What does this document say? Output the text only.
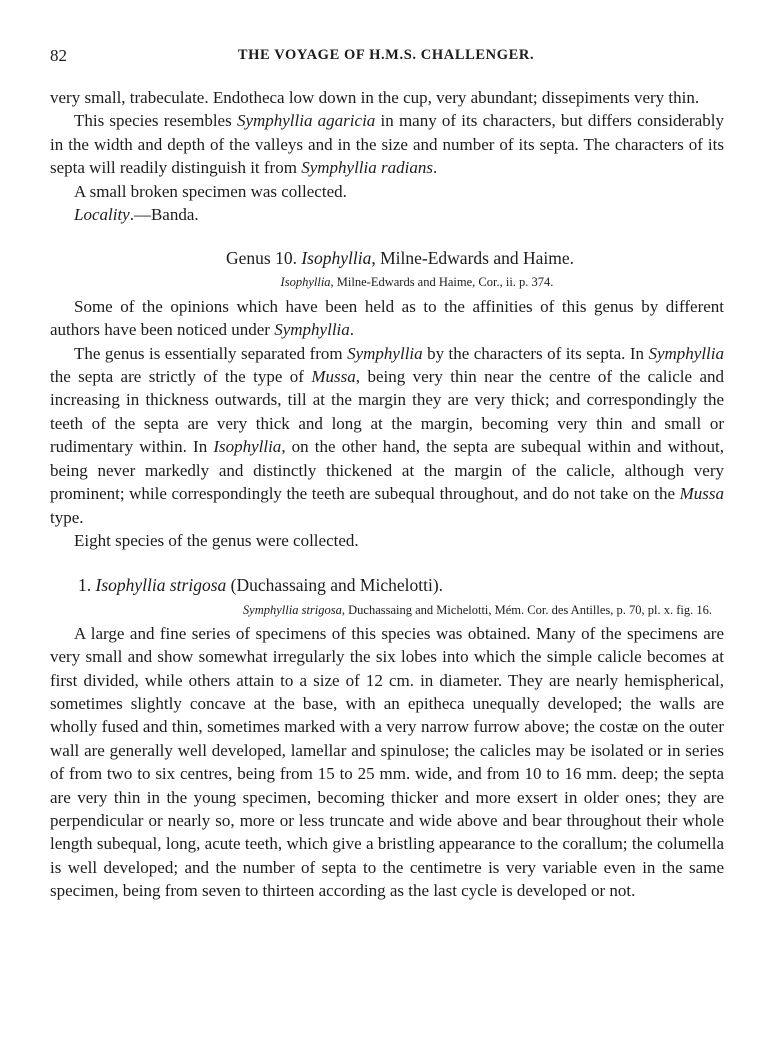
82	THE VOYAGE OF H.M.S. CHALLENGER.

very small, trabeculate. Endotheca low down in the cup, very abundant; dissepiments very thin.

This species resembles Symphyllia agaricia in many of its characters, but differs considerably in the width and depth of the valleys and in the size and number of its septa. The characters of its septa will readily distinguish it from Symphyllia radians.

A small broken specimen was collected.

Locality.—Banda.

Genus 10. Isophyllia, Milne-Edwards and Haime.
Isophyllia, Milne-Edwards and Haime, Cor., ii. p. 374.

Some of the opinions which have been held as to the affinities of this genus by different authors have been noticed under Symphyllia.

The genus is essentially separated from Symphyllia by the characters of its septa. In Symphyllia the septa are strictly of the type of Mussa, being very thin near the centre of the calicle and increasing in thickness outwards, till at the margin they are very thick; and correspondingly the teeth of the septa are very thick and long at the margin, becoming very thin and small or rudimentary within. In Isophyllia, on the other hand, the septa are subequal within and without, being never markedly and distinctly thickened at the margin of the calicle, although very prominent; while correspondingly the teeth are subequal throughout, and do not take on the Mussa type.

Eight species of the genus were collected.

1. Isophyllia strigosa (Duchassaing and Michelotti).
Symphyllia strigosa, Duchassaing and Michelotti, Mém. Cor. des Antilles, p. 70, pl. x. fig. 16.

A large and fine series of specimens of this species was obtained. Many of the specimens are very small and show somewhat irregularly the six lobes into which the simple calicle becomes at first divided, while others attain to a size of 12 cm. in diameter. They are nearly hemispherical, sometimes slightly concave at the base, with an epitheca unequally developed; the walls are wholly fused and thin, sometimes marked with a very narrow furrow above; the costæ on the outer wall are generally well developed, lamellar and spinulose; the calicles may be isolated or in series of from two to six centres, being from 15 to 25 mm. wide, and from 10 to 16 mm. deep; the septa are very thin in the young specimen, becoming thicker and more exsert in older ones; they are perpendicular or nearly so, more or less truncate and wide above and bear throughout their whole length subequal, long, acute teeth, which give a bristling appearance to the corallum; the columella is well developed; and the number of septa to the centimetre is very variable even in the same specimen, being from seven to thirteen according as the last cycle is developed or not.
